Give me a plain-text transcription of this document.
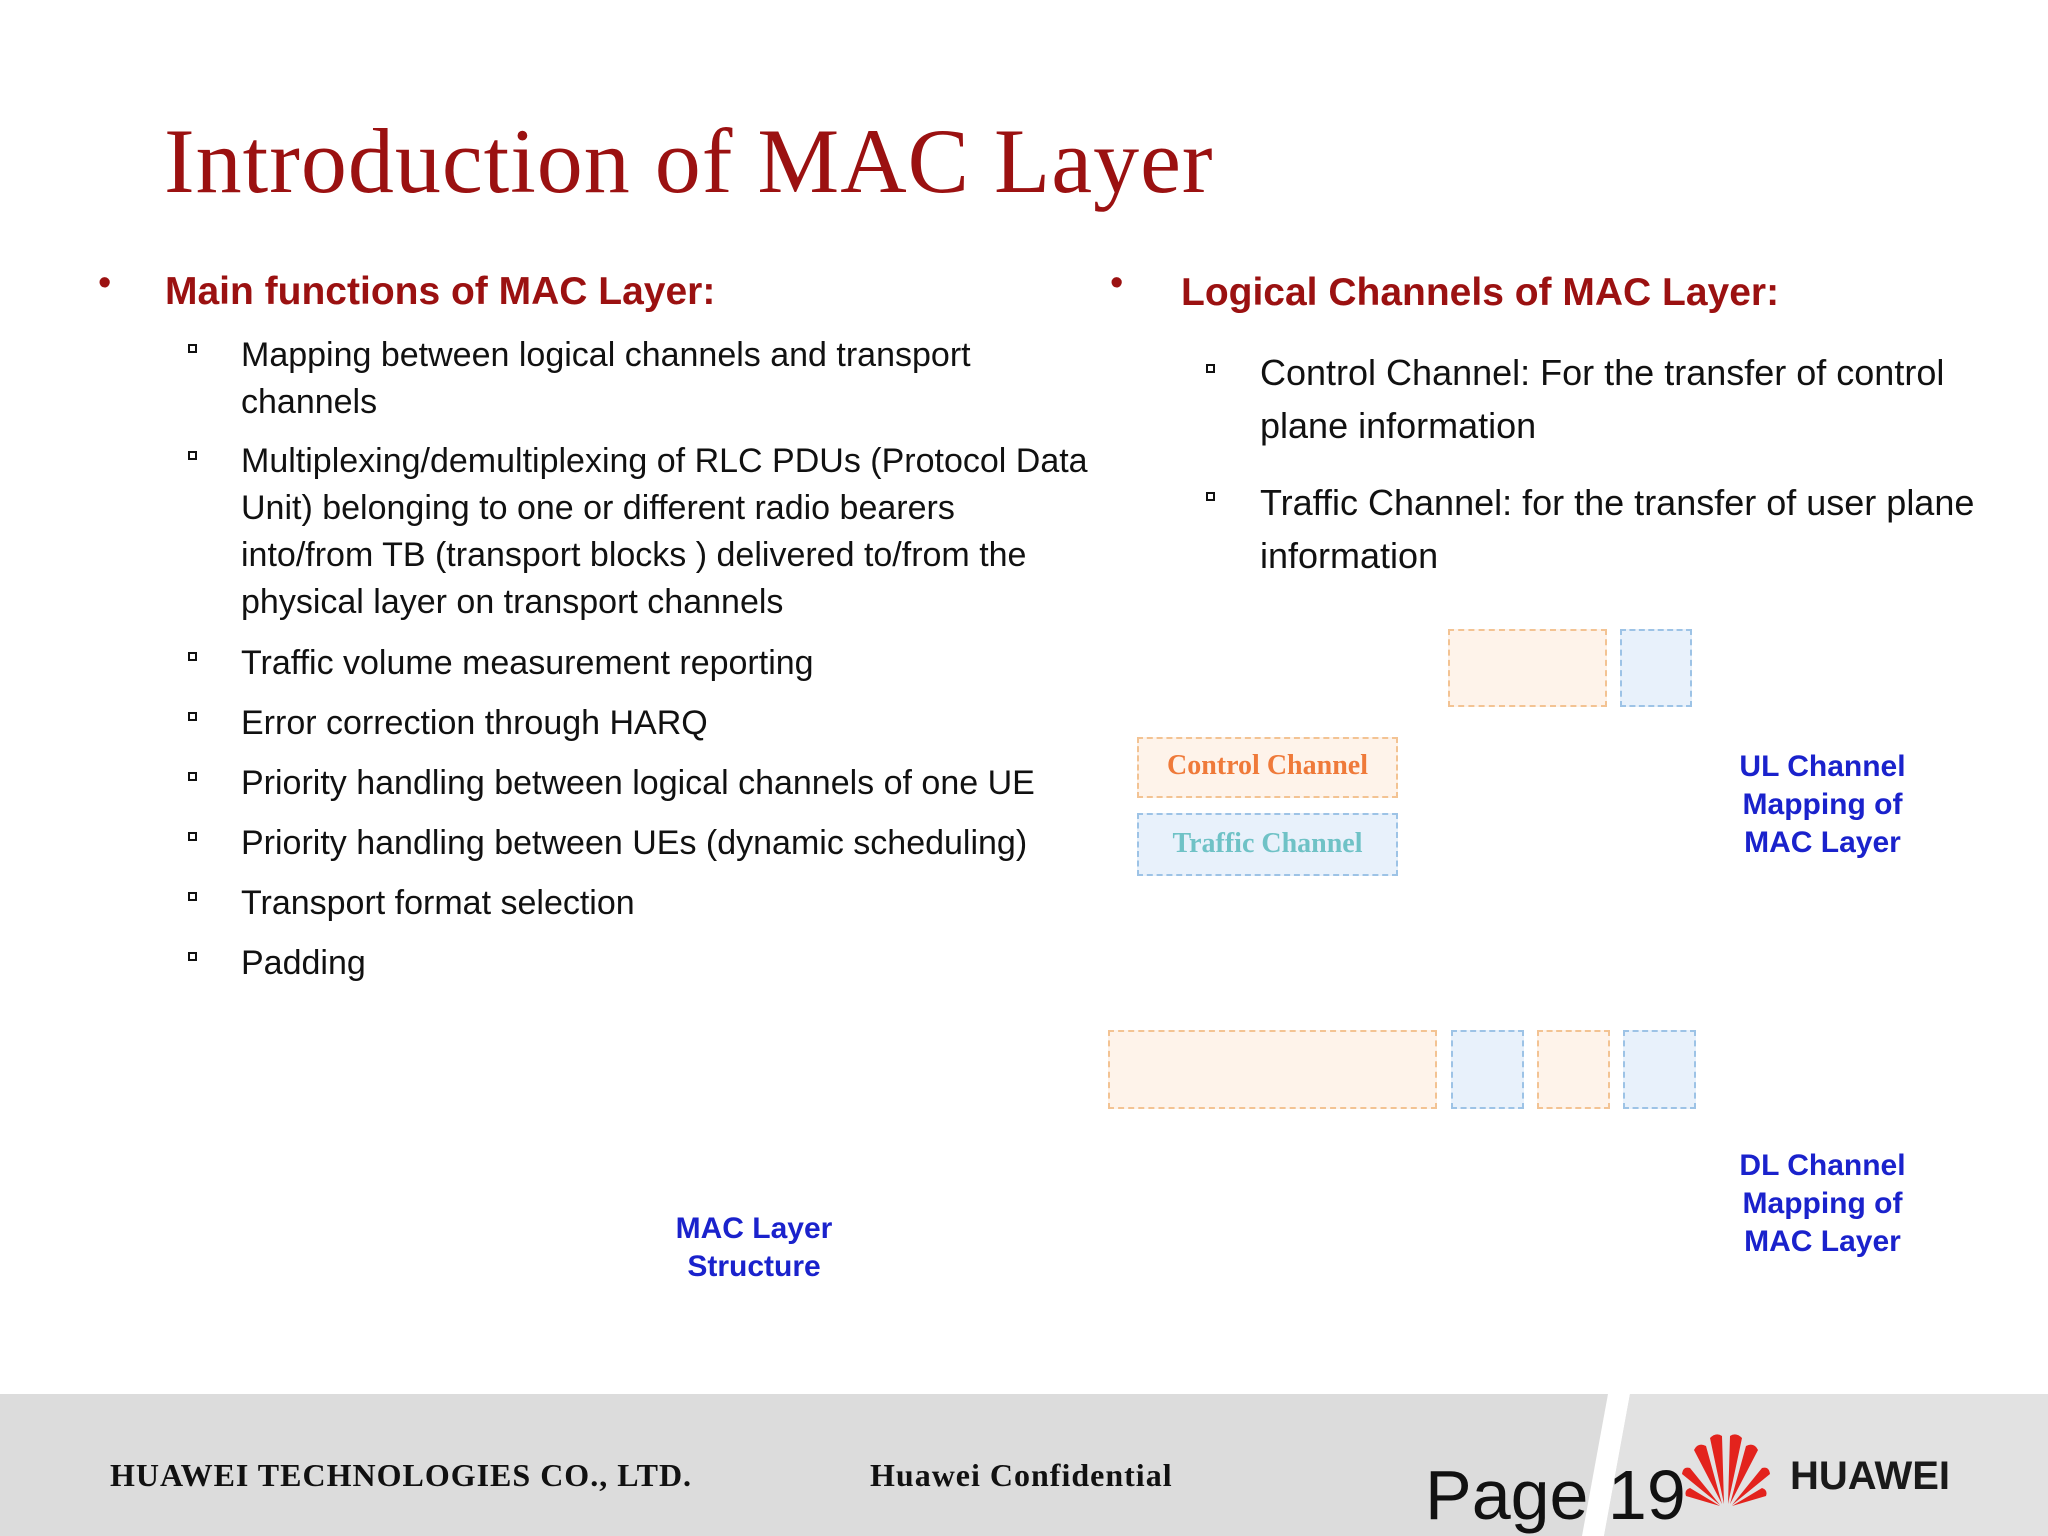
Introduction of MAC Layer
• Main functions of MAC Layer:
Mapping between logical channels and transport channels
Multiplexing/demultiplexing of RLC PDUs (Protocol Data Unit) belonging to one or different radio bearers into/from TB (transport blocks ) delivered to/from the physical layer on transport channels
Traffic volume measurement reporting
Error correction through HARQ
Priority handling between logical channels of one UE
Priority handling between UEs (dynamic scheduling)
Transport format selection
Padding
MAC Layer Structure
• Logical Channels of MAC Layer:
Control Channel: For the transfer of control plane information
Traffic Channel: for the transfer of user plane information
Control Channel
Traffic Channel
UL Channel Mapping of MAC Layer
DL Channel Mapping of MAC Layer
HUAWEI TECHNOLOGIES CO., LTD.	Huawei Confidential	Page 19	HUAWEI
